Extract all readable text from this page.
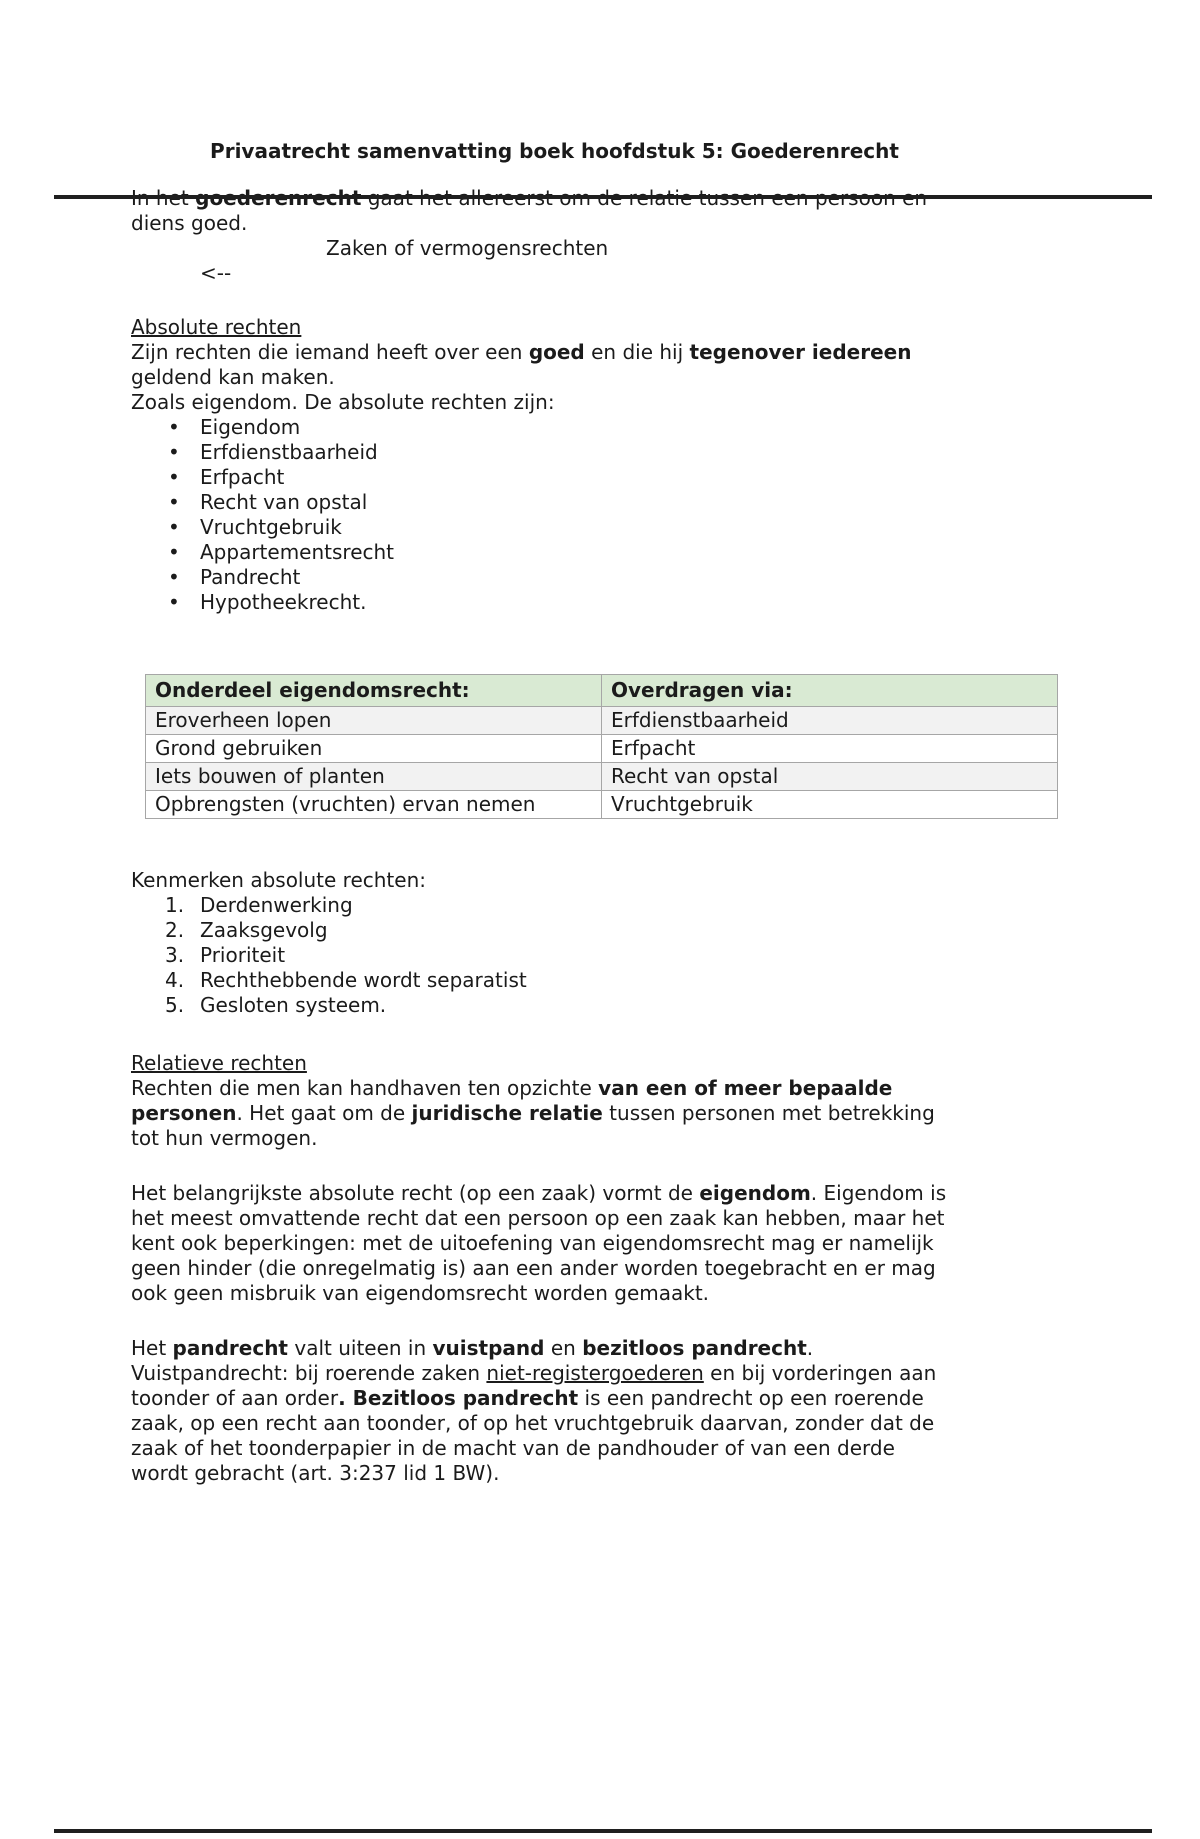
Privaatrecht samenvatting boek hoofdstuk 5: Goederenrecht
In het goederenrecht gaat het allereerst om de relatie tussen een persoon en
diens goed.
Zaken of vermogensrechten
<--
Absolute rechten
Zijn rechten die iemand heeft over een goed en die hij tegenover iedereen
geldend kan maken.
Zoals eigendom. De absolute rechten zijn:
• Eigendom
• Erfdienstbaarheid
• Erfpacht
• Recht van opstal
• Vruchtgebruik
• Appartementsrecht
• Pandrecht
• Hypotheekrecht.
Onderdeel eigendomsrecht:	Overdragen via:
Eroverheen lopen	Erfdienstbaarheid
Grond gebruiken	Erfpacht
Iets bouwen of planten	Recht van opstal
Opbrengsten (vruchten) ervan nemen	Vruchtgebruik
Kenmerken absolute rechten:
Derdenwerking
Zaaksgevolg
Prioriteit
Rechthebbende wordt separatist
Gesloten systeem.
Relatieve rechten
Rechten die men kan handhaven ten opzichte van een of meer bepaalde
personen. Het gaat om de juridische relatie tussen personen met betrekking
tot hun vermogen.
Het belangrijkste absolute recht (op een zaak) vormt de eigendom. Eigendom is
het meest omvattende recht dat een persoon op een zaak kan hebben, maar het
kent ook beperkingen: met de uitoefening van eigendomsrecht mag er namelijk
geen hinder (die onregelmatig is) aan een ander worden toegebracht en er mag
ook geen misbruik van eigendomsrecht worden gemaakt.
Het pandrecht valt uiteen in vuistpand en bezitloos pandrecht.
Vuistpandrecht: bij roerende zaken niet-registergoederen en bij vorderingen aan
toonder of aan order. Bezitloos pandrecht is een pandrecht op een roerende
zaak, op een recht aan toonder, of op het vruchtgebruik daarvan, zonder dat de
zaak of het toonderpapier in de macht van de pandhouder of van een derde
wordt gebracht (art. 3:237 lid 1 BW).
